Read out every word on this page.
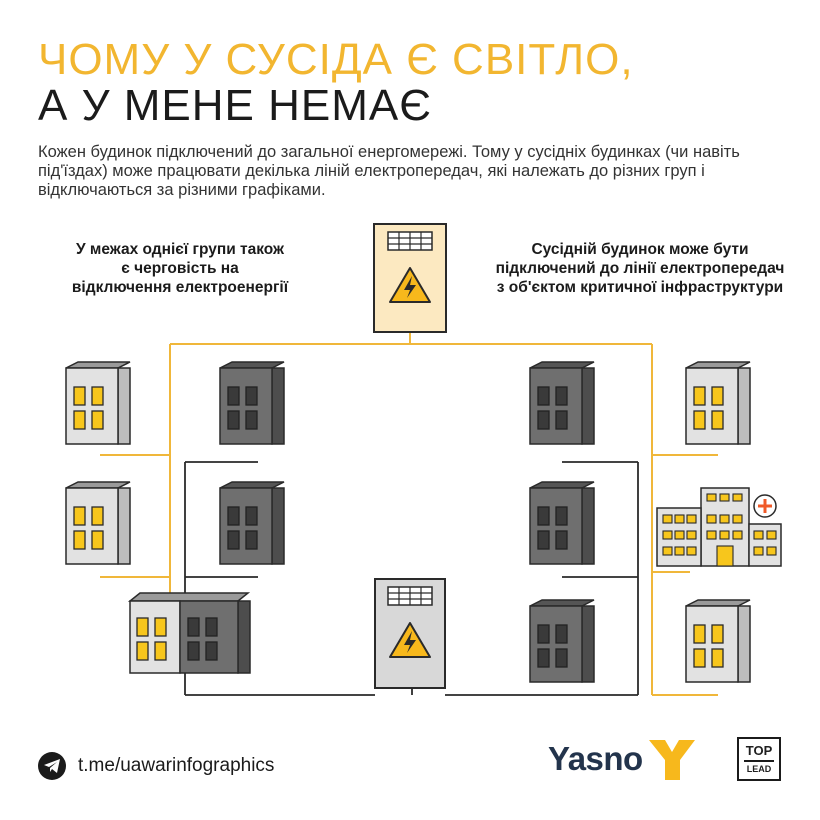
ЧОМУ У СУСІДА Є СВІТЛО,
А У МЕНЕ НЕМАЄ
Кожен будинок підключений до загальної енергомережі. Тому у сусідніх будинках (чи навіть під'їздах) може працювати декілька ліній електропередач, які належать до різних груп і відключаються за різними графіками.
У межах однієї групи також є черговість на відключення електроенергії
Сусідній будинок може бути підключений до лінії електропередач з об'єктом критичної інфраструктури
t.me/uawarinfographics	Yasno	TOP
LEAD
